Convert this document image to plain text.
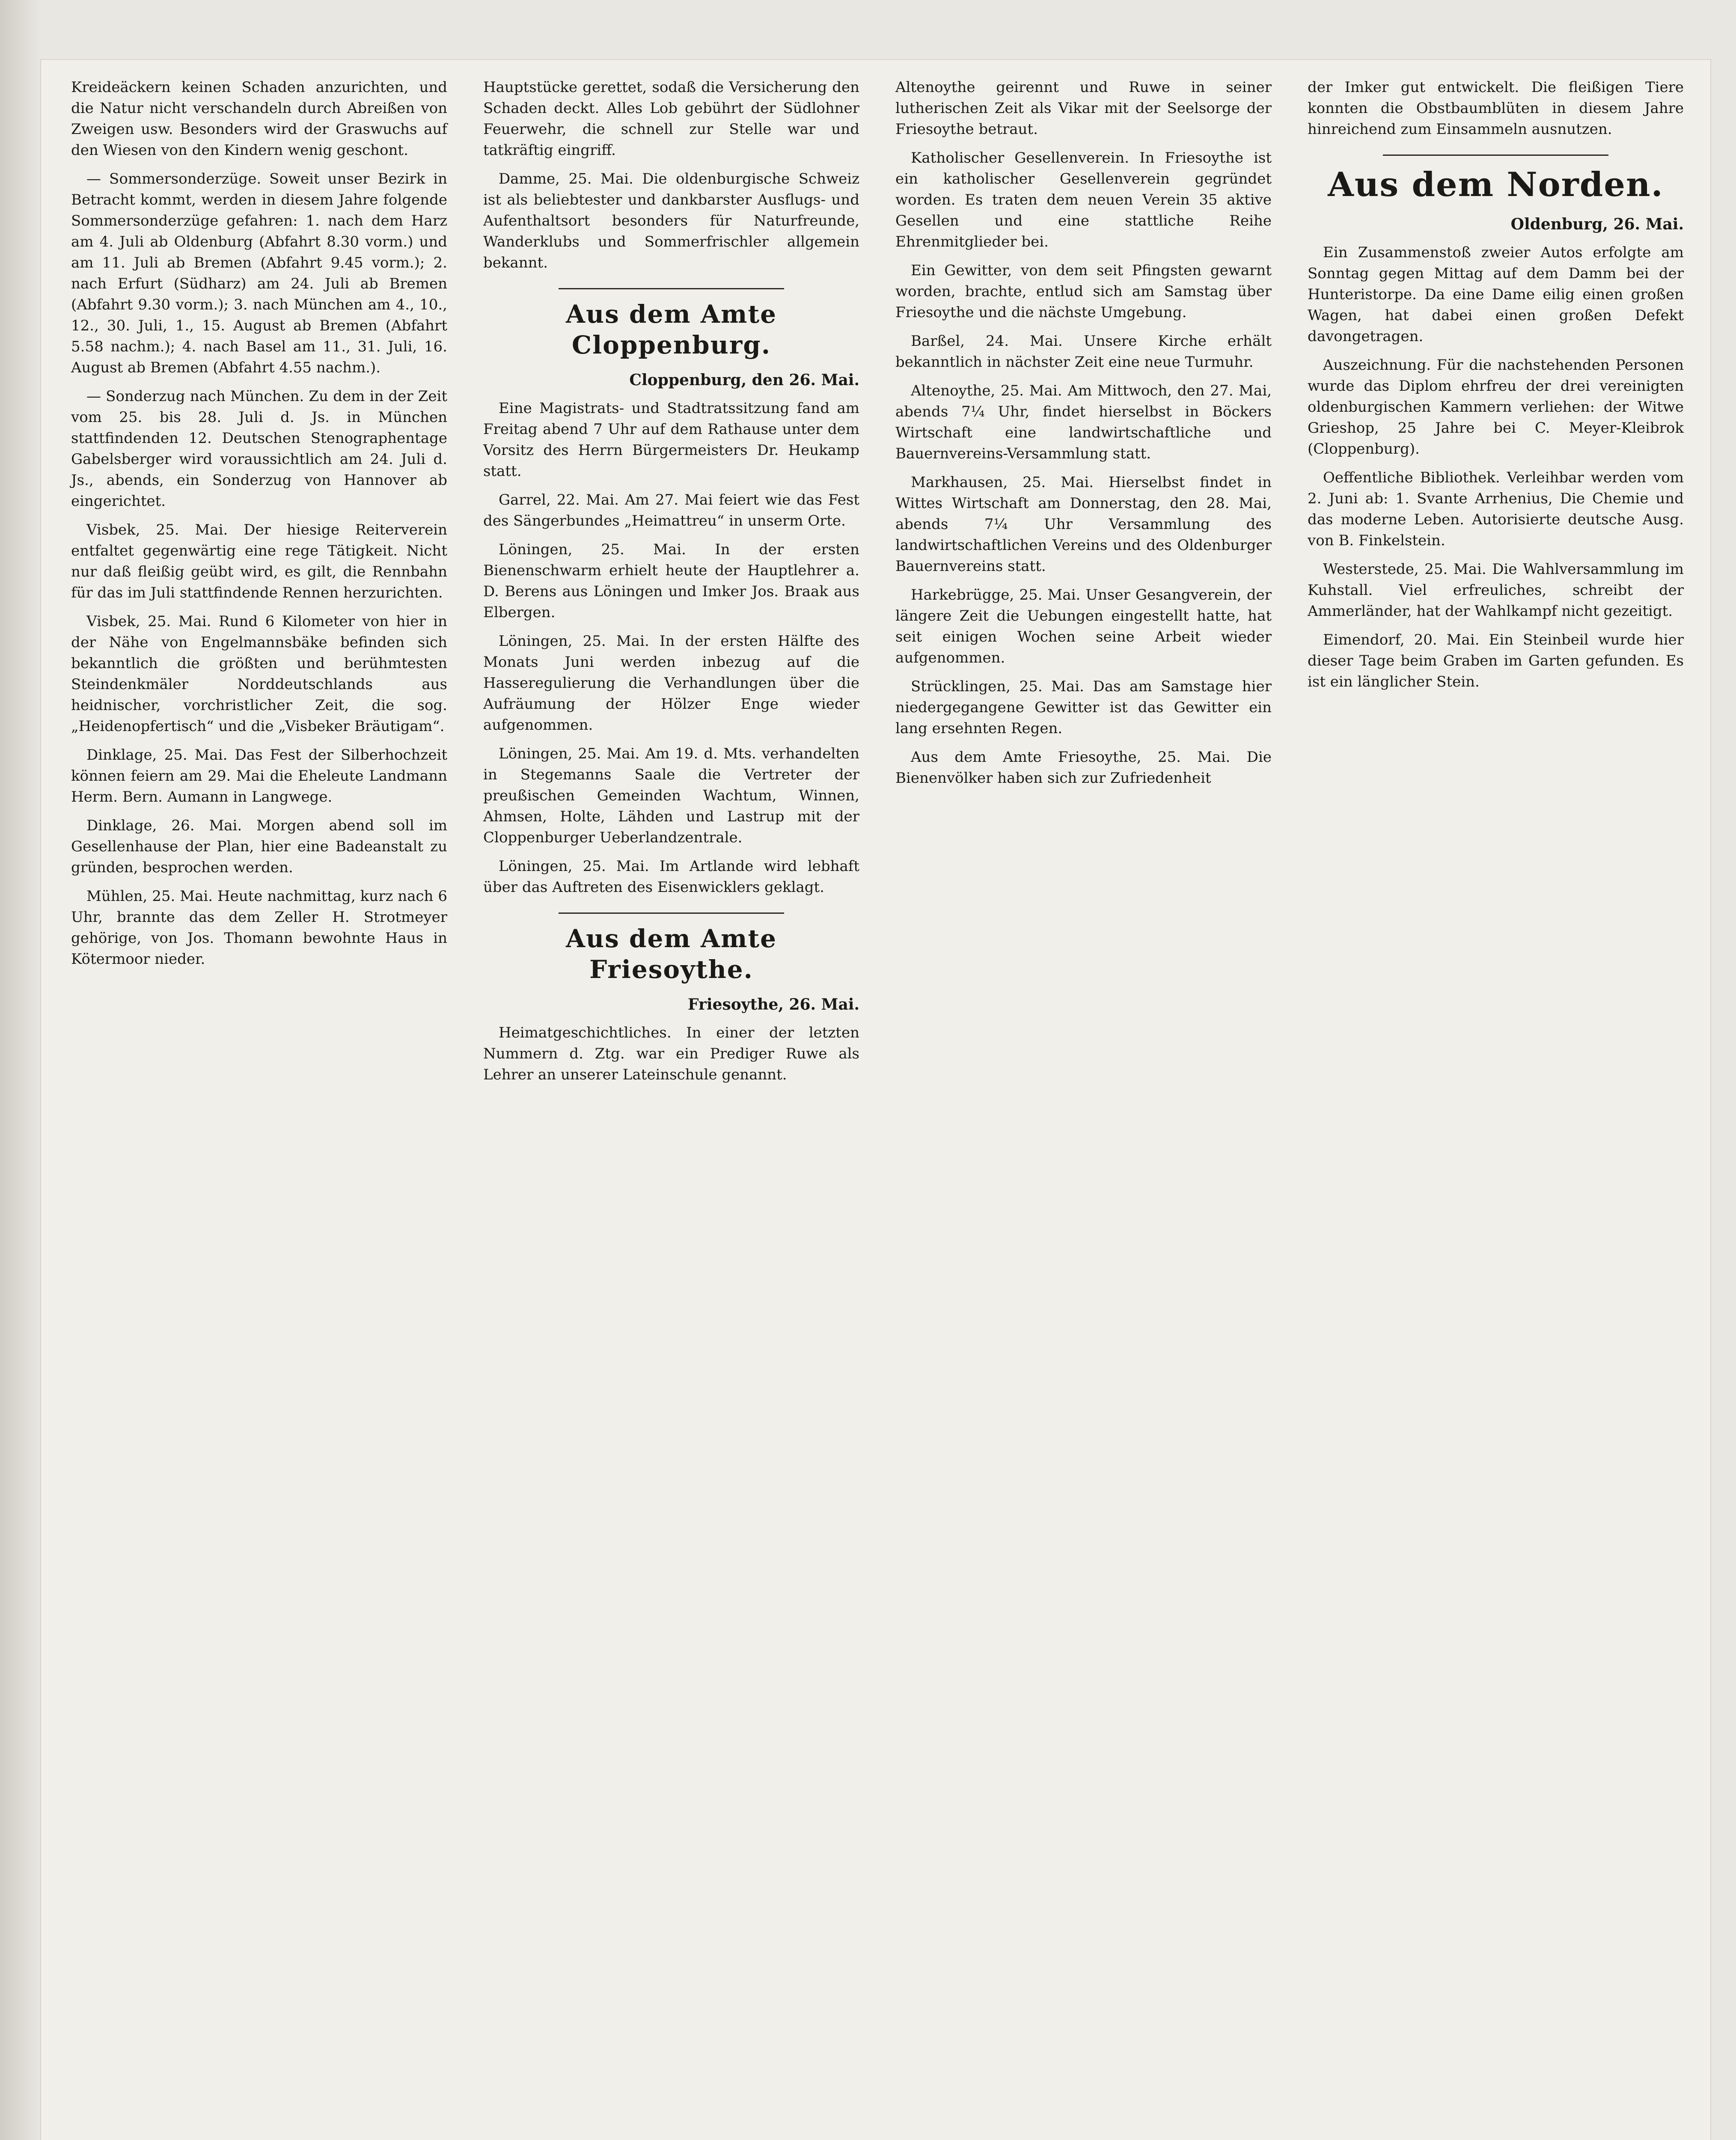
Kreideäckern keinen Schaden anzurichten, und die Natur nicht verschandeln durch Abreißen von Zweigen usw. Besonders wird der Graswuchs auf den Wiesen von den Kindern wenig geschont.

— Sommersonderzüge. Soweit unser Bezirk in Betracht kommt, werden in diesem Jahre folgende Sommersonderzüge gefahren: 1. nach dem Harz am 4. Juli ab Oldenburg (Abfahrt 8.30 vorm.) und am 11. Juli ab Bremen (Abfahrt 9.45 vorm.); 2. nach Erfurt (Südharz) am 24. Juli ab Bremen (Abfahrt 9.30 vorm.); 3. nach München am 4., 10., 12., 30. Juli, 1., 15. August ab Bremen (Abfahrt 5.58 nachm.); 4. nach Basel am 11., 31. Juli, 16. August ab Bremen (Abfahrt 4.55 nachm.).

— Sonderzug nach München. Zu dem in der Zeit vom 25. bis 28. Juli d. Js. in München stattfindenden 12. Deutschen Stenographentage Gabelsberger wird voraussichtlich am 24. Juli d. Js., abends, ein Sonderzug von Hannover ab eingerichtet.

Visbek, 25. Mai. Der hiesige Reiterverein entfaltet gegenwärtig eine rege Tätigkeit. Nicht nur daß fleißig geübt wird, es gilt, die Rennbahn für das im Juli stattfindende Rennen herzurichten.

Visbek, 25. Mai. Rund 6 Kilometer von hier in der Nähe von Engelmannsbäke befinden sich bekanntlich die größten und berühmtesten Steindenkmäler Norddeutschlands aus heidnischer, vorchristlicher Zeit, die sog. „Heidenopfertisch“ und die „Visbeker Bräutigam“.

Dinklage, 25. Mai. Das Fest der Silberhochzeit können feiern am 29. Mai die Eheleute Landmann Herm. Bern. Aumann in Langwege.

Dinklage, 26. Mai. Morgen abend soll im Gesellenhause der Plan, hier eine Badeanstalt zu gründen, besprochen werden.

Mühlen, 25. Mai. Heute nachmittag, kurz nach 6 Uhr, brannte das dem Zeller H. Strotmeyer gehörige, von Jos. Thomann bewohnte Haus in Kötermoor nieder.

Hauptstücke gerettet, sodaß die Versicherung den Schaden deckt. Alles Lob gebührt der Südlohner Feuerwehr, die schnell zur Stelle war und tatkräftig eingriff.

Damme, 25. Mai. Die oldenburgische Schweiz ist als beliebtester und dankbarster Ausflugs- und Aufenthaltsort besonders für Naturfreunde, Wanderklubs und Sommerfrischler allgemein bekannt.

Aus dem Amte Cloppenburg.
Cloppenburg, den 26. Mai.

Eine Magistrats- und Stadtratssitzung fand am Freitag abend 7 Uhr auf dem Rathause unter dem Vorsitz des Herrn Bürgermeisters Dr. Heukamp statt.

Garrel, 22. Mai. Am 27. Mai feiert wie das Fest des Sängerbundes „Heimattreu“ in unserm Orte.

Löningen, 25. Mai. In der ersten Bienenschwarm erhielt heute der Hauptlehrer a. D. Berens aus Löningen und Imker Jos. Braak aus Elbergen.

Löningen, 25. Mai. In der ersten Hälfte des Monats Juni werden inbezug auf die Hasseregulierung die Verhandlungen über die Aufräumung der Hölzer Enge wieder aufgenommen.

Löningen, 25. Mai. Am 19. d. Mts. verhandelten in Stegemanns Saale die Vertreter der preußischen Gemeinden Wachtum, Winnen, Ahmsen, Holte, Lähden und Lastrup mit der Cloppenburger Ueberlandzentrale.

Löningen, 25. Mai. Im Artlande wird lebhaft über das Auftreten des Eisenwicklers geklagt.

Aus dem Amte Friesoythe.
Friesoythe, 26. Mai.

Heimatgeschichtliches. In einer der letzten Nummern d. Ztg. war ein Prediger Ruwe als Lehrer an unserer Lateinschule genannt.

Altenoythe geirennt und Ruwe in seiner lutherischen Zeit als Vikar mit der Seelsorge der Friesoythe betraut.

Katholischer Gesellenverein. In Friesoythe ist ein katholischer Gesellenverein gegründet worden. Es traten dem neuen Verein 35 aktive Gesellen und eine stattliche Reihe Ehrenmitglieder bei.

Ein Gewitter, von dem seit Pfingsten gewarnt worden, brachte, entlud sich am Samstag über Friesoythe und die nächste Umgebung.

Barßel, 24. Mai. Unsere Kirche erhält bekanntlich in nächster Zeit eine neue Turmuhr.

Altenoythe, 25. Mai. Am Mittwoch, den 27. Mai, abends 7¼ Uhr, findet hierselbst in Böckers Wirtschaft eine landwirtschaftliche und Bauernvereins-Versammlung statt.

Markhausen, 25. Mai. Hierselbst findet in Wittes Wirtschaft am Donnerstag, den 28. Mai, abends 7¼ Uhr Versammlung des landwirtschaftlichen Vereins und des Oldenburger Bauernvereins statt.

Harkebrügge, 25. Mai. Unser Gesangverein, der längere Zeit die Uebungen eingestellt hatte, hat seit einigen Wochen seine Arbeit wieder aufgenommen.

Strücklingen, 25. Mai. Das am Samstage hier niedergegangene Gewitter ist das Gewitter ein lang ersehnten Regen.

Aus dem Amte Friesoythe, 25. Mai. Die Bienenvölker haben sich zur Zufriedenheit

der Imker gut entwickelt. Die fleißigen Tiere konnten die Obstbaumblüten in diesem Jahre hinreichend zum Einsammeln ausnutzen.

Aus dem Norden.
Oldenburg, 26. Mai.

Ein Zusammenstoß zweier Autos erfolgte am Sonntag gegen Mittag auf dem Damm bei der Hunteristorpe. Da eine Dame eilig einen großen Wagen, hat dabei einen großen Defekt davongetragen.

Auszeichnung. Für die nachstehenden Personen wurde das Diplom ehrfreu der drei vereinigten oldenburgischen Kammern verliehen: der Witwe Grieshop, 25 Jahre bei C. Meyer-Kleibrok (Cloppenburg).

Oeffentliche Bibliothek. Verleihbar werden vom 2. Juni ab: 1. Svante Arrhenius, Die Chemie und das moderne Leben. Autorisierte deutsche Ausg. von B. Finkelstein.

Westerstede, 25. Mai. Die Wahlversammlung im Kuhstall. Viel erfreuliches, schreibt der Ammerländer, hat der Wahlkampf nicht gezeitigt.

Eimendorf, 20. Mai. Ein Steinbeil wurde hier dieser Tage beim Graben im Garten gefunden. Es ist ein länglicher Stein.
